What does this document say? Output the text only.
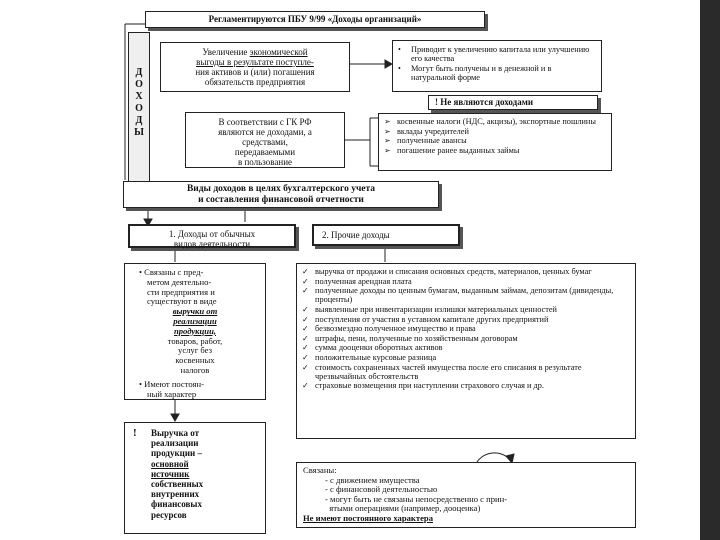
Регламентируются ПБУ 9/99 «Доходы организаций»
ДОХОДЫ
Увеличение экономической
выгоды в результате поступле-
ния активов и (или) погашения
обязательств предприятия
• Приводит к увеличению капитала или улучшению его качества
• Могут быть получены и в денежной и в натуральной форме
! Не являются доходами
В соответствии с ГК РФ
являются не доходами, а
средствами,
передаваемыми
в пользование
➢ косвенные налоги (НДС, акцизы), экспортные пошлины
➢ вклады учредителей
➢ полученные авансы
➢ погашение ранее выданных займы
Виды доходов в целях бухгалтерского учета
и составления финансовой отчетности
1. Доходы от обычных
видов деятельности
2. Прочие доходы
• Связаны с пред-
метом деятельно-
сти предприятия и
существуют в виде
выручки от
реализации
продукции,
товаров, работ,
услуг без
косвенных
налогов
• Имеют постоян-
ный характер
✓ выручка от продажи и списания основных средств, материалов, ценных бумаг
✓ полученная арендная плата
✓ полученные доходы по ценным бумагам, выданным займам, депозитам (дивиденды, проценты)
✓ выявленные при инвентаризации излишки материальных ценностей
✓ поступления от участия в уставном капитале других предприятий
✓ безвозмездно полученное имущество и права
✓ штрафы, пени, полученные по хозяйственным договорам
✓ сумма дооценки оборотных активов
✓ положительные курсовые разница
✓ стоимость сохраненных частей имущества после его списания в результате чрезвычайных обстоятельств
✓ страховые возмещения при наступлении страхового случая и др.
! Выручка от
реализации
продукции –
основной
источник
собственных
внутренних
финансовых
ресурсов
Связаны:
- с движением имущества
- с финансовой деятельностью
- могут быть не связаны непосредственно с прин-
ятыми операциями (например, дооценка)
Не имеют постоянного характера
